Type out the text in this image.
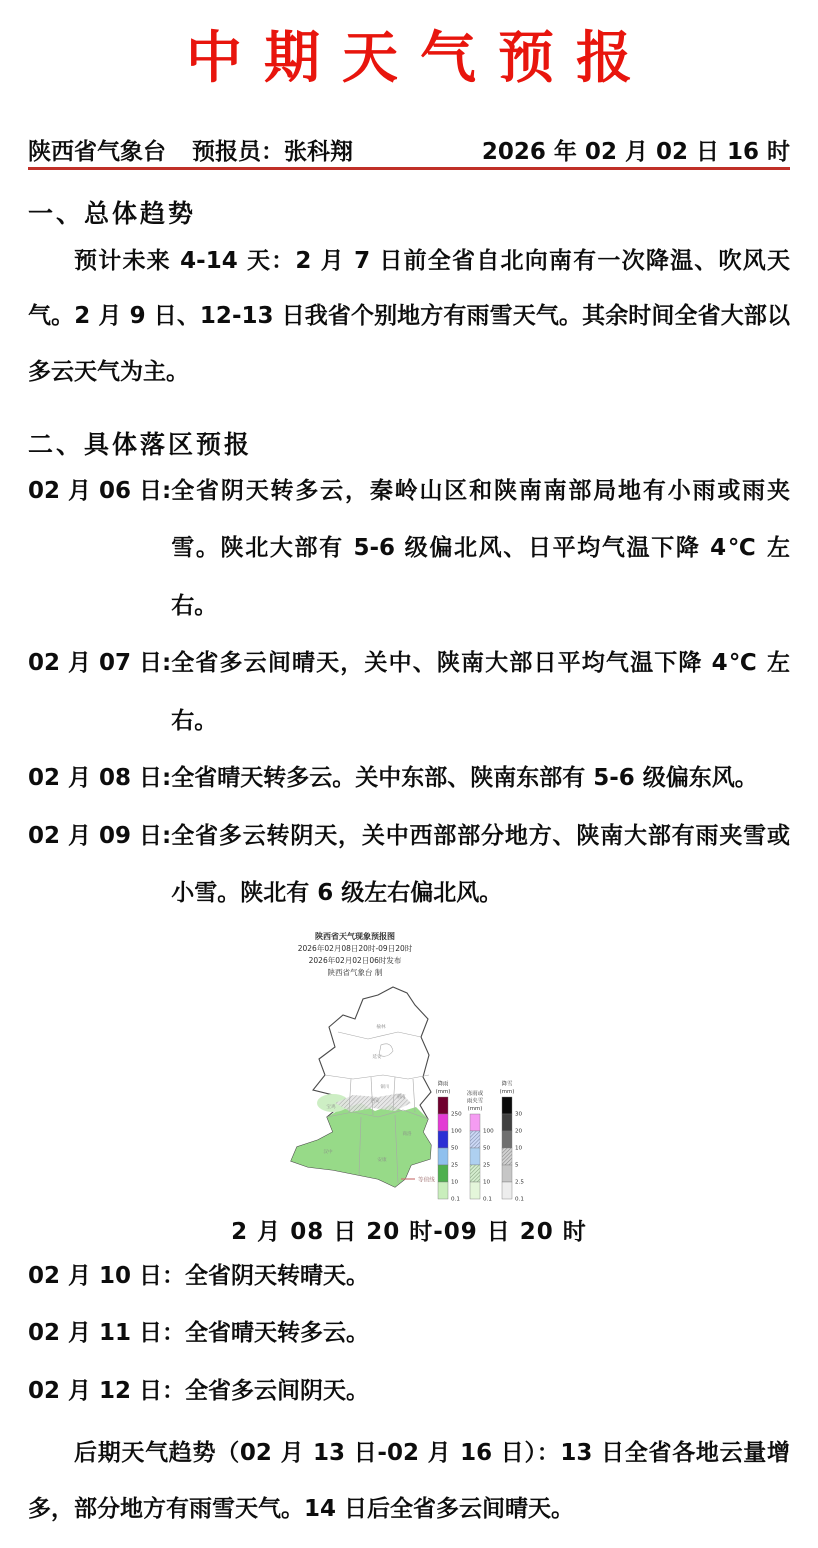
中期天气预报
陕西省气象台 预报员：张科翔	2026 年 02 月 02 日 16 时
一、总体趋势

预计未来 4-14 天：2 月 7 日前全省自北向南有一次降温、吹风天气。2 月 9 日、12-13 日我省个别地方有雨雪天气。其余时间全省大部以多云天气为主。

二、具体落区预报
02 月 06 日: 全省阴天转多云，秦岭山区和陕南南部局地有小雨或雨夹雪。陕北大部有 5-6 级偏北风、日平均气温下降 4℃ 左右。
02 月 07 日: 全省多云间晴天，关中、陕南大部日平均气温下降 4℃ 左右。
02 月 08 日: 全省晴天转多云。关中东部、陕南东部有 5-6 级偏东风。
02 月 09 日: 全省多云转阴天，关中西部部分地方、陕南大部有雨夹雪或小雪。陕北有 6 级左右偏北风。
陕西省天气现象预报图
2026年02月08日20时-09日20时
2026年02月02日06时发布
陕西省气象台 制
榆林
延安
铜川
渭南
西安
宝鸡
商洛
汉中
安康
降雨
(mm)
250
100
50
25
10
0.1
冻雨或
雨夹雪
(mm)
100
50
25
10
0.1
降雪
(mm)
30
20
10
5
2.5
0.1
等值线
2 月 08 日 20 时-09 日 20 时
02 月 10 日： 全省阴天转晴天。
02 月 11 日： 全省晴天转多云。
02 月 12 日： 全省多云间阴天。

后期天气趋势（02 月 13 日-02 月 16 日）：13 日全省各地云量增多，部分地方有雨雪天气。14 日后全省多云间晴天。
